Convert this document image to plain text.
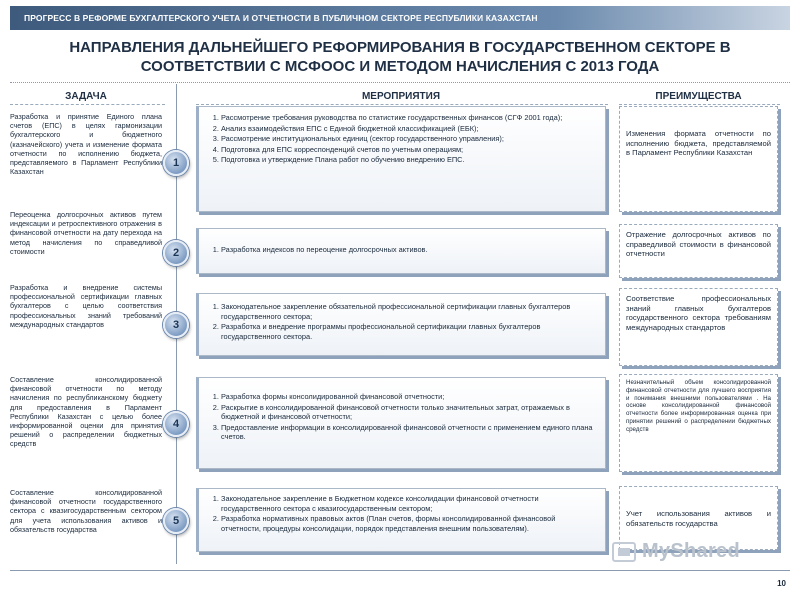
ПРОГРЕСС В РЕФОРМЕ БУХГАЛТЕРСКОГО УЧЕТА И ОТЧЕТНОСТИ В ПУБЛИЧНОМ СЕКТОРЕ РЕСПУБЛИКИ КАЗАХСТАН
НАПРАВЛЕНИЯ ДАЛЬНЕЙШЕГО РЕФОРМИРОВАНИЯ В ГОСУДАРСТВЕННОМ СЕКТОРЕ В
СООТВЕТСТВИИ С МСФООС И МЕТОДОМ НАЧИСЛЕНИЯ С 2013 ГОДА
ЗАДАЧА	МЕРОПРИЯТИЯ	ПРЕИМУЩЕСТВА
Разработка и принятие Единого плана счетов (ЕПС) в целях гармонизации бухгалтерского и бюджетного (казначейского) учета и изменение формата отчетности по исполнению бюджета, представляемого в Парламент Республики Казахстан
1
1. Рассмотрение требования руководства по статистике государственных финансов (СГФ 2001 года);
2. Анализ взаимодействия ЕПС с Единой бюджетной классификацией (ЕБК);
3. Рассмотрение институциональных единиц (сектор государственного управления);
4. Подготовка для ЕПС корреспонденций счетов по учетным операциям;
5. Подготовка и утверждение Плана работ по обучению внедрению ЕПС.
Изменения формата отчетности по исполнению бюджета, представляемой в Парламент Республики Казахстан
Переоценка долгосрочных активов путем индексации и ретроспективного отражения в финансовой отчетности на дату перехода на метод начисления по справедливой стоимости	2
1.	Разработка индексов по переоценке долгосрочных активов.
Отражение долгосрочных активов по справедливой стоимости в финансовой отчетности
Разработка и внедрение системы профессиональной сертификации главных бухгалтеров с целью соответствия профессиональных знаний требований международных стандартов	3
1. Законодательное закрепление обязательной профессиональной сертификации главных бухгалтеров государственного сектора;
2. Разработка и внедрение программы профессиональной сертификации главных бухгалтеров государственного сектора.
Соответствие профессиональных знаний главных бухгалтеров государственного сектора требованиям международных стандартов
Составление консолидированной финансовой отчетности по методу начисления по республиканскому бюджету для предоставления в Парламент Республики Казахстан с целью более информированной оценки для принятия решений о распределении бюджетных средств
4
1. Разработка формы консолидированной финансовой отчетности;
2. Раскрытие в консолидированной финансовой отчетности только значительных затрат, отражаемых в бюджетной и финансовой отчетности;
3. Предоставление информации в консолидированной финансовой отчетности с применением единого плана счетов.
Незначительный объем консолидированной финансовой отчетности для лучшего восприятия и понимания внешними пользователями . На основе консолидированной финансовой отчетности более информированная оценка при принятии решений о распределении бюджетных средств
Составление консолидированной финансовой отчетности государственного сектора с квазигосударственным сектором для учета использования активов и обязательств государства
5
1. Законодательное закрепление в Бюджетном кодексе консолидации финансовой отчетности государственного сектора с квазигосударственным сектором;
2. Разработка нормативных правовых актов (План счетов, формы консолидированной финансовой отчетности, процедуры консолидации, порядок представления внешним пользователям).
Учет использования активов и обязательств государства
MyShared
10
